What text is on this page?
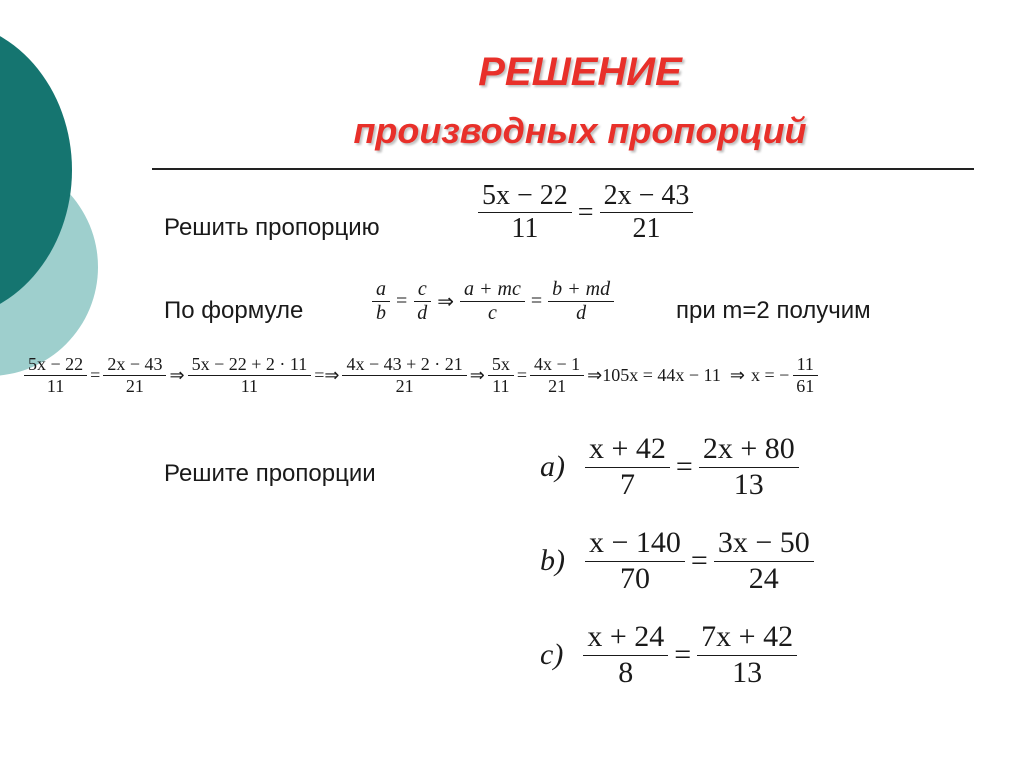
РЕШЕНИЕ
производных пропорций
Решить пропорцию	$\frac{5x - 22}{11} = \frac{2x - 43}{21}$
По формуле	$\frac{a}{b} = \frac{c}{d}$ ⇒ $\frac{a + mc}{c} = \frac{b + md}{d}$	при m=2 получим
$\frac{5x - 22}{11} = \frac{2x - 43}{21}$ ⇒ $\frac{5x - 22 + 2 \cdot 11}{11}$ =⇒ $\frac{4x - 43 + 2 \cdot 21}{21}$ ⇒ $\frac{5x}{11} = \frac{4x - 1}{21}$ ⇒105x = 44x − 11 ⇒ x = − $\frac{11}{61}$
Решите пропорции	$a) \frac{x + 42}{7} = \frac{2x + 80}{13}$
$b) \frac{x - 140}{70} = \frac{3x - 50}{24}$
$c) \frac{x + 24}{8} = \frac{7x + 42}{13}$
